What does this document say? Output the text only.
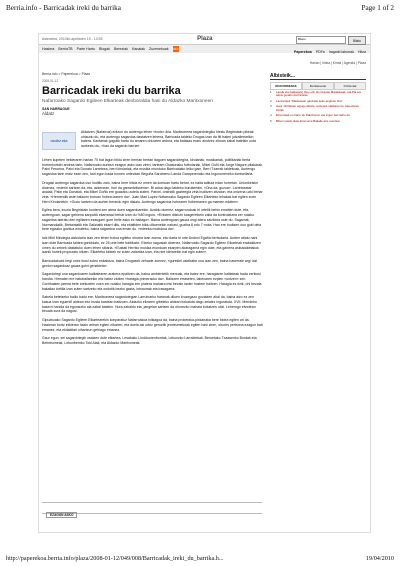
Berria.info - Barricadak ireki du barrika	Page 1 of 2
Asteartea, 2010ko apirilaren 19 - 13:55	Plaza	Bilatu	Bilatu
Hasiera BerriaTB Parte Hartu Blogak Bereziak Kanalak Zuzenekoak RSS
Paperekoa PDFa Iragarki laburrak Hitza
Harian | Iritzia | Kirola | Agenda | Plaza
Berria.info > Paperekoa > Plaza
2008-01-12
Barricadak ireki du barrika
Nafarroako Sagardo Egileen Elkarteak denboraldia hasi du Aldazko Maritxoneen
SAN HARRAGUE
Aldatz
ossiloz.eka
Aldatzen (Nafarroa) eritzun du aurtengo lehen «txotx»-ikia. Maritxoneea sagardotegiko hiesiu Begiristain pikeak ohiaudu du, eta aurtengo sagardoa dastatzen lehena, Barricada taldeko Drogas izan da fiti baterí jotzaileearikin batera. Kantariak gogotik hartu du amaren ohizaren ardura, eta batasas eraru ahotzez zihoan zabal bateikin uota aurkeztu du, «hau da sagardo barria».

Lehen kupelen irekieraren harian 70 bat lagun bildu ziren herrian bertan dagoen sagardotegira, kirolariak, musikariak, politikariak berta hurrenkortdin andrea tarin. Nafarroako aurkezi ezagun asko izan ziren, tarteam Osasunako futbolariak, Mikel Goñi eta Jorge Nagore ptiakarak, Patxi Peruena, Patxi eta Donato Larretxea, herri kirolariak, eta musika munduko Barricadako leiko gain, Berri Txarrak taldekoak, Aurtengo sagardoa tarin maiz ezan zen, hari egon bada homen ordezkari Begoña Sarobemo Landa Garaperenako eta Ingurumeneko kontseilaria.

Drogasi aurtengo sagardoa oso irudiltu zaio, baina bere iritzia ez omen da kontuan hartu behar, ez baita adituia edan horretan. Unionkeiskn dioenez, «ederin sartzen da, eta, azkenean, hori da garrantzitsuena». Bi adoa dago taldeko burukeriain. «Ona da, guzoa». Larretxeatar anaiak, Patxi eta Donatok, eta Mikel Goñik ere guazabu zutela ziaten. Patxiri, oraindik gazteegia zela iruditzen zitzaion, eta onizena uzki behar zela. «Hemendik aste batzuen buruan hobea izanen da». Juan Mari Lopez Nafarroako Sagardo Egileen Elkarteko lehakak bat egiten zuen Herri Kirolariekin. «Guxu sartzeu da aurten berardu egin dislaiu. Aurtengo sagardoa hobearen hobereanen ga mamen edaten».

Egilea bera, inuxia Begiristain kontent zen atera duen sagardoarekin. Azaldu duenez, sagarrondoak bi urtetik behin emaiten dute, eta, aurtengoan, sagar gehiena kanpotik ekarrarazi behar izan du %80 inguru. «Entsten ditzuzn kasgeretkein zaila da kontrolatzea zer nolako sagardoa ateratu den egiltaren ezaugarri gure helle asko ez baitago». Baina aurtengoan gauza ongi atera zaizkiola uste du. Sagarrak, Normandiatik, Bretainiatik eta Galiziatik ekarri ditu, eta ekaitiden bildu dituenekin nahasi, guztira 8 edo 7 mota. Han ere irudtzen oso gold deia bere egiazko guztiua emateko, baina sagardoa ona eman du. «edeeka modukoa da».

Iaiz Miel Mindegia aizkolaria izan zen lehen botoa egileko ohorea izan zuena, eta duela bi urte Andoni Egaña bertsolaria. Aurten atlatu nahi izan dute Barricada taldea gonbidatu, ez 25 urte bete baitituzte. Etxeko nagusiak dioenez, Nafarroako Sagardo Egileen Elkarteak erabakitzen omen du zeinek dastatuko duen lehen sibaria. «Eustati Herriko musika munduan ekarpen akaragarria egin dute, eta gainera askusiaketakok izanik horiek propozatu nituen. Elkarteko kideek ez zuten zalantza izan, eta nire ideiarekin bat egin zuten».

Barricadakoek begi onez ikusi zuten eskaintza, baina Drogasek zehazte zuenez, «gurekiel ustekabe ona izan zen, baina haserrale argi utzi genion sagardoaz gauza gutxi genekiela».

Sagardotegi ona sagardoaren kalitatearen arabera epaitzen da, baina ambientetik menuak, eta batez ere, haragiaren kalitateak bada zerikusi handia. Hirmalen ere batuballarekin eliz batez ziotien «haragia primeracko da». Balizzen erraseten, labecaren ezpien «untzen» zen. Gorrituaken jarena bete arekuxten zuen zer-nolako haragia zen platera mahaira irtsi bezain laster hustem baitzen. Haragia ez ezik, ohi bezala bakailao tortilla izan zuten sartzeko eta ondotik bezko gazta, intxaurrak eta irasagarra.

Sabela betetzeko bailio badu ere, Maritxoneea sagardotegian Larruinarko haranak diluen kruzegazo gozatzen ahal da, baina aizo ez zen kasua izan egueniñ aldean eiur busta bastean baitzuen. Aldazko elizaren gibeleko aldean kokatuta dago zelaiez inguratuta. XVII. Mendeko baserri handia da egunsizko ala zabal batekin. Hura zabaldu eta, jangelan sartzen da ohorezko mahaia kokatzen uitzi. Leherngo elvwtean beuala zura da nagusi.

Gipuzkoako Sagardo Egileen Elkartearekin konparatuz Nafarroakoa txikiagoa da, baina prokeraka-pixkanaka bere bidea egiten ari da. Hasieran bortz inikieran hasin ariean egiten zituzten, eta duela asi urtez geroztik jendeumekoak egiten hasi ziren, ohores pertsona ezagun bati emanez, eta ekitaldiari oihartzun gehiago emanez.

Gaur egun, sei sagardotegik osatzen dute elkartea, Lesakako Lindduurenbordak, Lekunzko Larraldekak, Beruetako Txaasenko Bordak eta Behetsoneak, Lekunberriko Toki Alak, eta Aldazko Maritxoneak.

EZAGUN ASKO
Albisteik...
IRAKURRIENAK	Bozkatuenak	Iritzidunak
1	Landa eta Gaiketa(e) Ibeo utzi dio Grande Marlaskeak, eta Pla ere adeis gerattu da Paristen
2	Lanzarotek "Maskotean gauzatei asko angitutu dira"
3	Gaur 19:00etan egingo dituzte ontzepuli mikitaren bo zateuriaren irikrak
4	Ezia batek eu hartu du Dabiziunen eta ingun bat zarhu da
5	Bihar mektio duke Errexuma Bakaile aire erentiua
http://paperekoa.berria.info/plaza/2008-01-12/049/008/Barricadak_ireki_du_barrika.h...	19/04/2010
